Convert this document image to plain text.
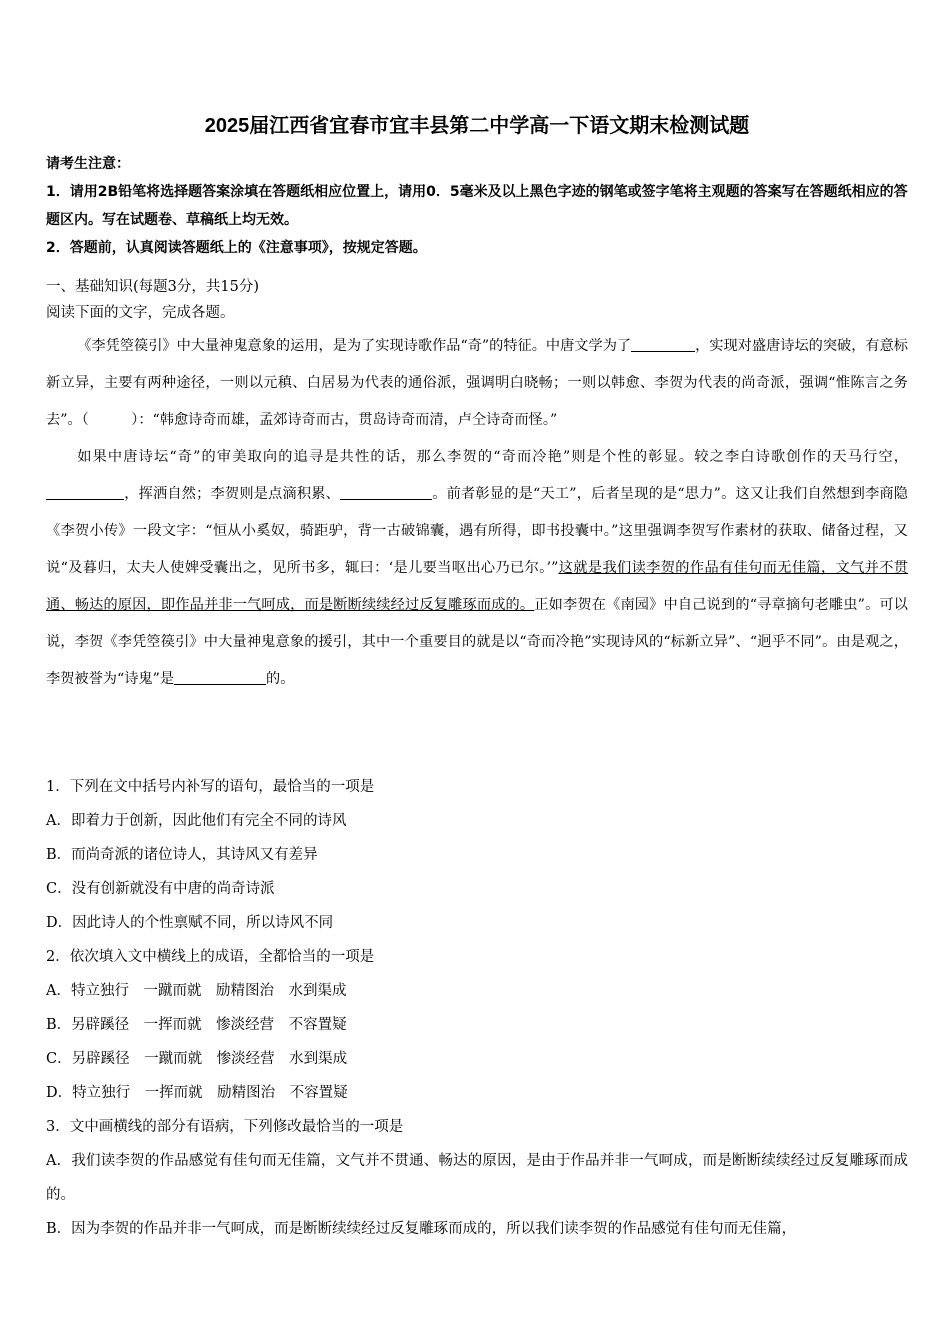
2025届江西省宜春市宜丰县第二中学高一下语文期末检测试题
请考生注意：
1．请用2B铅笔将选择题答案涂填在答题纸相应位置上，请用0．5毫米及以上黑色字迹的钢笔或签字笔将主观题的答案写在答题纸相应的答题区内。写在试题卷、草稿纸上均无效。
2．答题前，认真阅读答题纸上的《注意事项》，按规定答题。
一、基础知识(每题3分，共15分)
阅读下面的文字，完成各题。

《李凭箜篌引》中大量神鬼意象的运用，是为了实现诗歌作品“奇”的特征。中唐文学为了	，实现对盛唐诗坛的突破，有意标新立异，主要有两种途径，一则以元稹、白居易为代表的通俗派，强调明白晓畅；一则以韩愈、李贺为代表的尚奇派，强调“惟陈言之务去”。（　　　）：“韩愈诗奇而雄，孟郊诗奇而古，贯岛诗奇而清，卢仝诗奇而怪。”

如果中唐诗坛“奇”的审美取向的追寻是共性的话，那么李贺的“奇而冷艳”则是个性的彰显。较之李白诗歌创作的天马行空，，挥洒自然；李贺则是点滴积累、	。前者彰显的是“天工”，后者呈现的是“思力”。这又让我们自然想到李商隐《李贺小传》一段文字：“恒从小奚奴，骑距驴，背一古破锦囊，遇有所得，即书投囊中。”这里强调李贺写作素材的获取、储备过程，又说“及暮归，太夫人使婢受囊出之，见所书多，辄曰：‘是儿要当呕出心乃已尔。’”这就是我们读李贺的作品有佳句而无佳篇，文气并不贯通、畅达的原因，即作品并非一气呵成，而是断断续续经过反复雕琢而成的。正如李贺在《南园》中自己说到的“寻章摘句老雕虫”。可以说，李贺《李凭箜篌引》中大量神鬼意象的援引，其中一个重要目的就是以“奇而冷艳”实现诗风的“标新立异”、“迥乎不同”。由是观之，李贺被誉为“诗鬼”是	的。

1．下列在文中括号内补写的语句，最恰当的一项是
A．即着力于创新，因此他们有完全不同的诗风
B．而尚奇派的诸位诗人，其诗风又有差异
C．没有创新就没有中唐的尚奇诗派
D．因此诗人的个性禀赋不同，所以诗风不同
2．依次填入文中横线上的成语，全都恰当的一项是
A．特立独行　一蹴而就　励精图治　水到渠成
B．另辟蹊径　一挥而就　惨淡经营　不容置疑
C．另辟蹊径　一蹴而就　惨淡经营　水到渠成
D．特立独行　一挥而就　励精图治　不容置疑
3．文中画横线的部分有语病，下列修改最恰当的一项是
A．我们读李贺的作品感觉有佳句而无佳篇，文气并不贯通、畅达的原因，是由于作品并非一气呵成，而是断断续续经过反复雕琢而成的。
B．因为李贺的作品并非一气呵成，而是断断续续经过反复雕琢而成的，所以我们读李贺的作品感觉有佳句而无佳篇，
